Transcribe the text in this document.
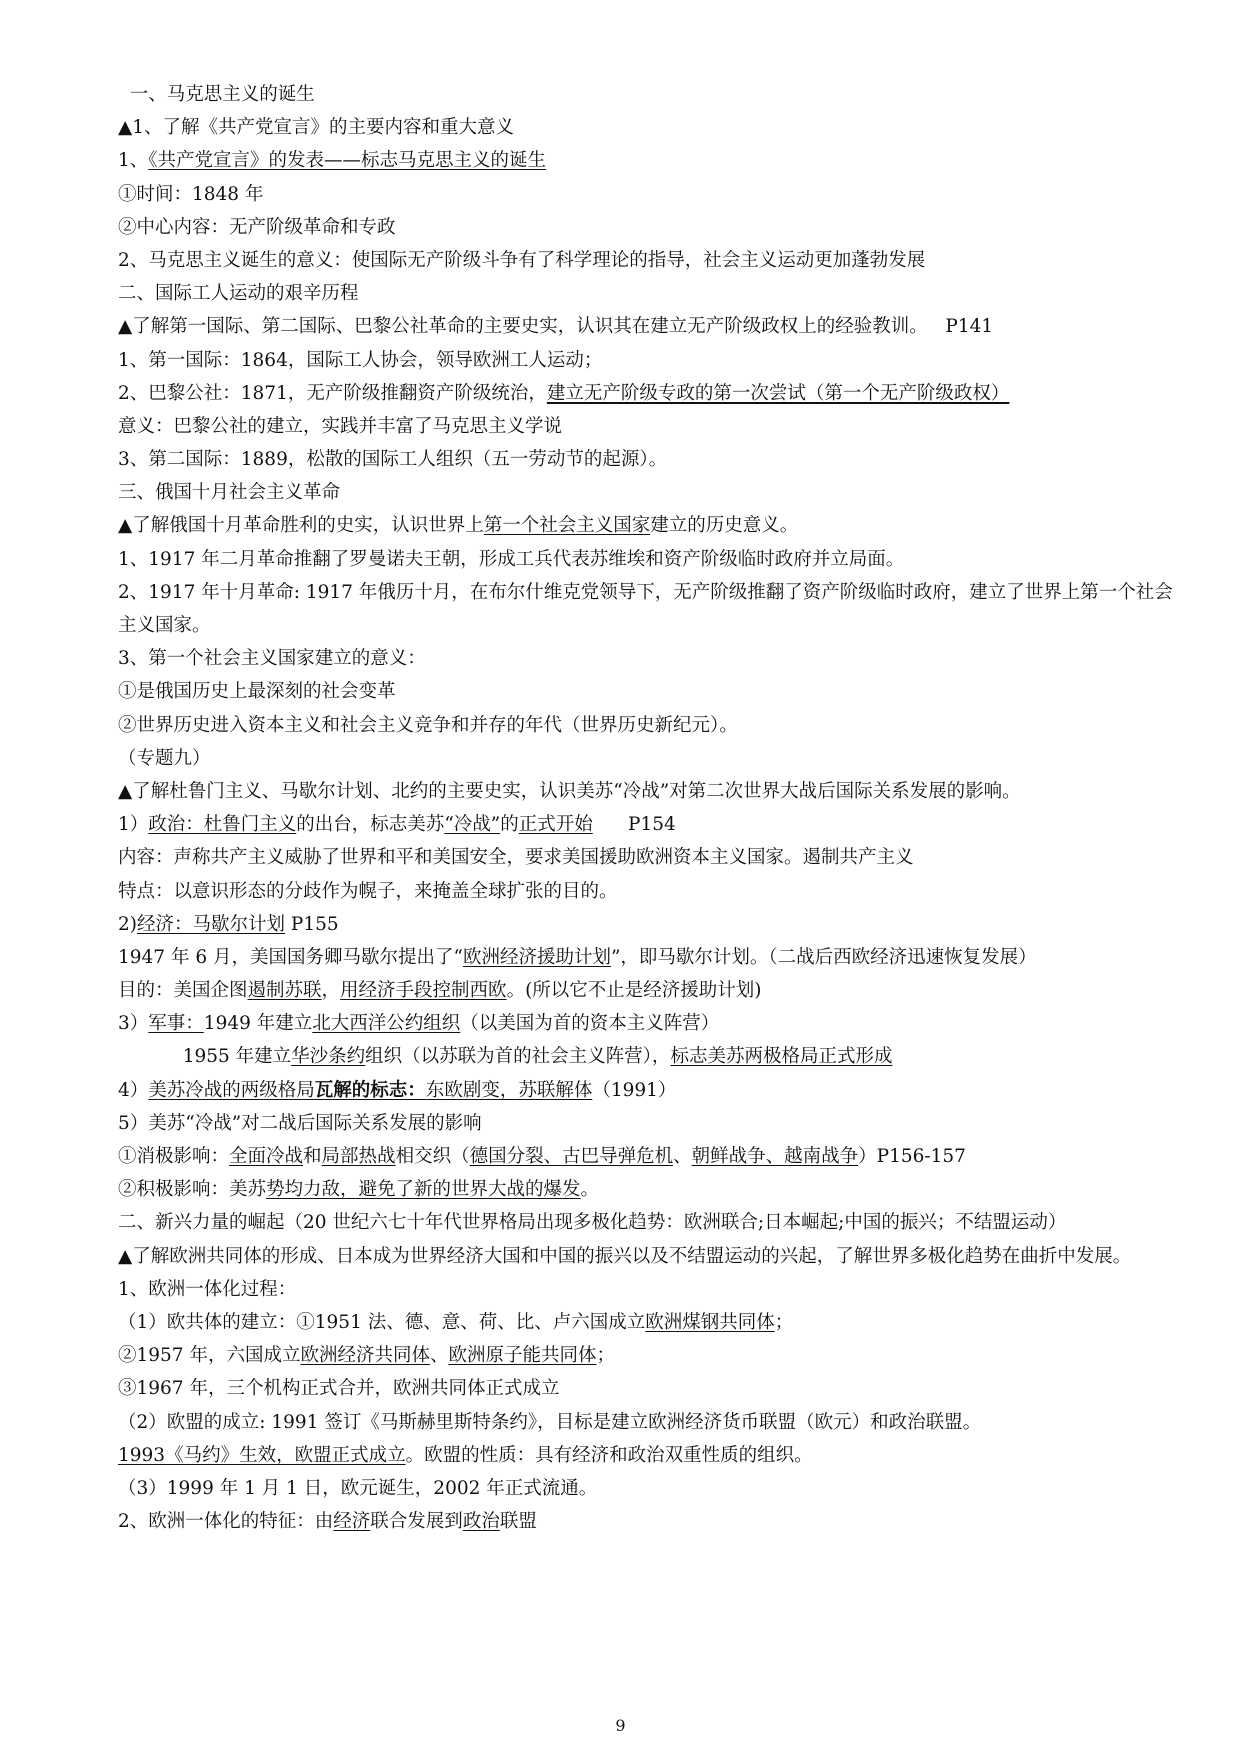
一、马克思主义的诞生
▲1、了解《共产党宣言》的主要内容和重大意义
1、《共产党宣言》的发表——标志马克思主义的诞生
①时间：1848 年
②中心内容：无产阶级革命和专政
2、马克思主义诞生的意义：使国际无产阶级斗争有了科学理论的指导，社会主义运动更加蓬勃发展
二、国际工人运动的艰辛历程
▲了解第一国际、第二国际、巴黎公社革命的主要史实，认识其在建立无产阶级政权上的经验教训。   P141
1、第一国际：1864，国际工人协会，领导欧洲工人运动；
2、巴黎公社：1871，无产阶级推翻资产阶级统治，建立无产阶级专政的第一次尝试（第一个无产阶级政权）
意义：巴黎公社的建立，实践并丰富了马克思主义学说
3、第二国际：1889，松散的国际工人组织（五一劳动节的起源）。
三、俄国十月社会主义革命
▲了解俄国十月革命胜利的史实，认识世界上第一个社会主义国家建立的历史意义。
1、1917 年二月革命推翻了罗曼诺夫王朝，形成工兵代表苏维埃和资产阶级临时政府并立局面。
2、1917 年十月革命: 1917 年俄历十月，在布尔什维克党领导下，无产阶级推翻了资产阶级临时政府，建立了世界上第一个社会主义国家。
3、第一个社会主义国家建立的意义：
①是俄国历史上最深刻的社会变革
②世界历史进入资本主义和社会主义竞争和并存的年代（世界历史新纪元）。
（专题九）
▲了解杜鲁门主义、马歇尔计划、北约的主要史实，认识美苏“冷战”对第二次世界大战后国际关系发展的影响。
1）政治：杜鲁门主义的出台，标志美苏“冷战”的正式开始      P154
内容：声称共产主义威胁了世界和平和美国安全，要求美国援助欧洲资本主义国家。遏制共产主义
特点：以意识形态的分歧作为幌子，来掩盖全球扩张的目的。
2)经济：马歇尔计划 P155
1947 年 6 月，美国国务卿马歇尔提出了“欧洲经济援助计划”，即马歇尔计划。（二战后西欧经济迅速恢复发展）
目的：美国企图遏制苏联，用经济手段控制西欧。(所以它不止是经济援助计划)
3）军事：1949 年建立北大西洋公约组织（以美国为首的资本主义阵营）
1955 年建立华沙条约组织（以苏联为首的社会主义阵营），标志美苏两极格局正式形成
4）美苏冷战的两级格局瓦解的标志：东欧剧变，苏联解体（1991）
5）美苏“冷战”对二战后国际关系发展的影响
①消极影响：全面冷战和局部热战相交织（德国分裂、古巴导弹危机、朝鲜战争、越南战争）P156-157
②积极影响：美苏势均力敌，避免了新的世界大战的爆发。
二、新兴力量的崛起（20 世纪六七十年代世界格局出现多极化趋势：欧洲联合;日本崛起;中国的振兴；不结盟运动）
▲了解欧洲共同体的形成、日本成为世界经济大国和中国的振兴以及不结盟运动的兴起，了解世界多极化趋势在曲折中发展。
1、欧洲一体化过程：
（1）欧共体的建立：①1951 法、德、意、荷、比、卢六国成立欧洲煤钢共同体；
②1957 年，六国成立欧洲经济共同体、欧洲原子能共同体；
③1967 年，三个机构正式合并，欧洲共同体正式成立
（2）欧盟的成立: 1991 签订《马斯赫里斯特条约》，目标是建立欧洲经济货币联盟（欧元）和政治联盟。
1993《马约》生效，欧盟正式成立。欧盟的性质：具有经济和政治双重性质的组织。
（3）1999 年 1 月 1 日，欧元诞生，2002 年正式流通。
2、欧洲一体化的特征：由经济联合发展到政治联盟
9
